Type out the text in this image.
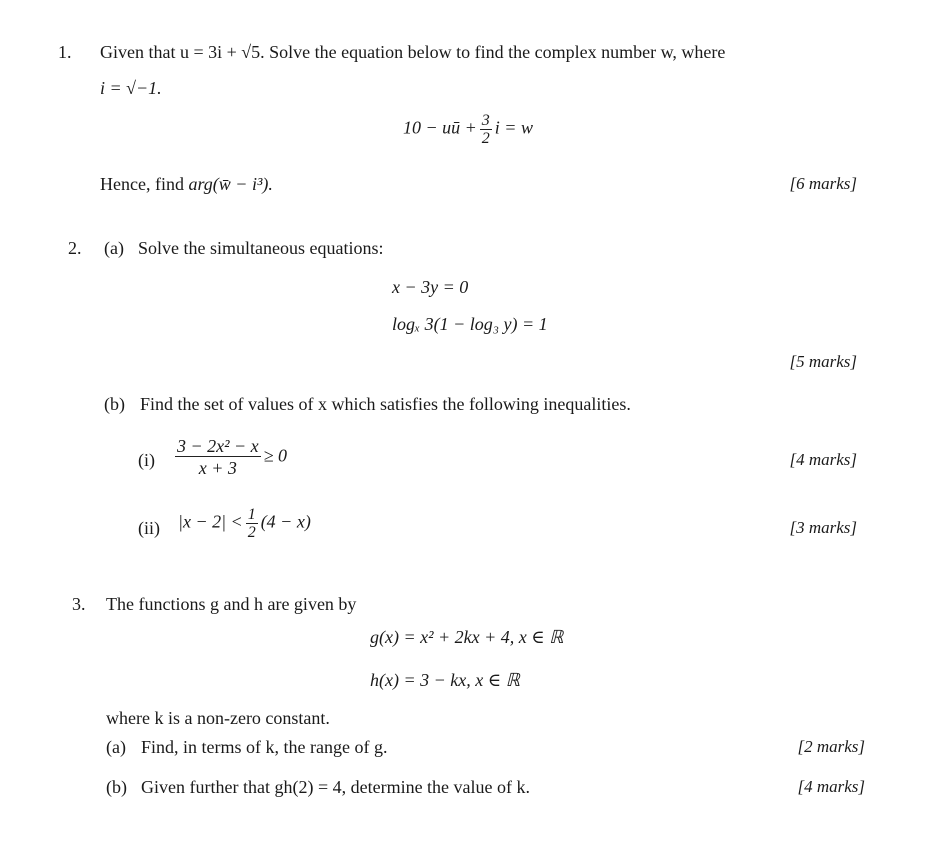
1. Given that u = 3i + √5. Solve the equation below to find the complex number w, where
i = √−1.
10 − uū + $\frac{3}{2}$ i = w
Hence, find arg(w̄ − i³).	[6 marks]
2. (a) Solve the simultaneous equations:
x − 3y = 0
logₓ 3(1 − log₃ y) = 1
[5 marks]
(b) Find the set of values of x which satisfies the following inequalities.
$(i) \frac{\text{3 − 2x² − x}}{x + 3} \ge 0$	[4 marks]
(ii) $|x - 2| < \frac{1}{2} (4 - x)$	[3 marks]
3. The functions g and h are given by
g(x) = x² + 2kx + 4, x ∈ ℝ
h(x) = 3 − kx, x ∈ ℝ
where k is a non-zero constant.
(a) Find, in terms of k, the range of g.	[2 marks]
(b) Given further that gh(2) = 4, determine the value of k.	[4 marks]
